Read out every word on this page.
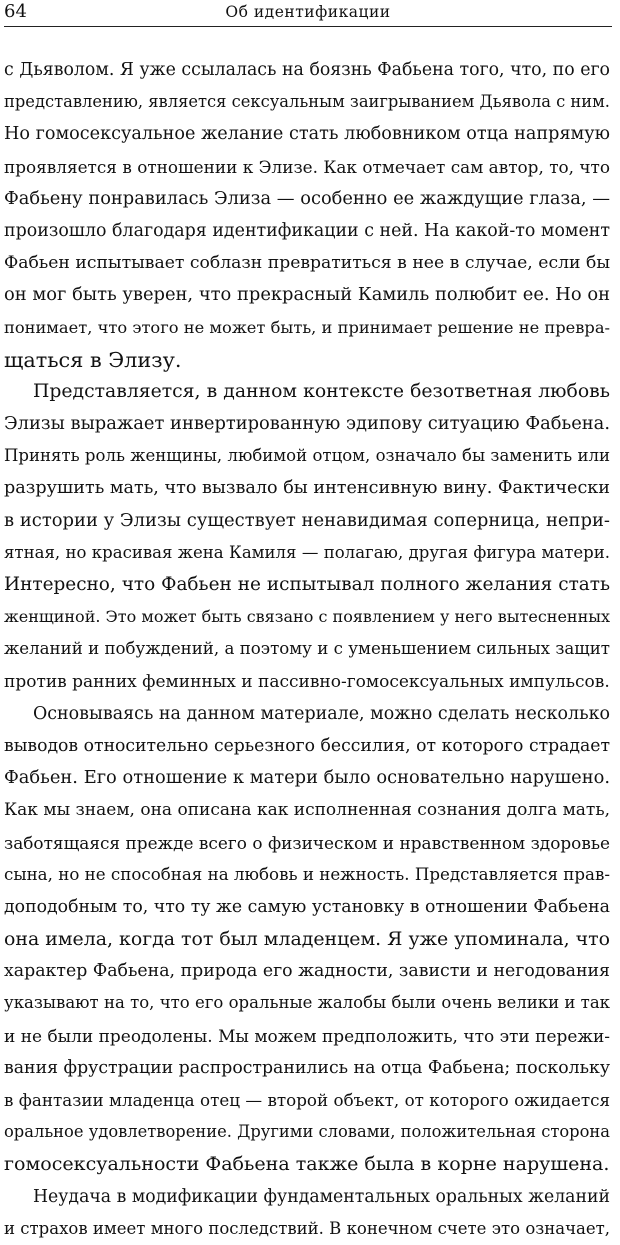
64	Об идентификации
с Дьяволом. Я уже ссылалась на боязнь Фабьена того, что, по его
представлению, является сексуальным заигрыванием Дьявола с ним.
Но гомосексуальное желание стать любовником отца напрямую
проявляется в отношении к Элизе. Как отмечает сам автор, то, что
Фабьену понравилась Элиза — особенно ее жаждущие глаза, —
произошло благодаря идентификации с ней. На какой-то момент
Фабьен испытывает соблазн превратиться в нее в случае, если бы
он мог быть уверен, что прекрасный Камиль полюбит ее. Но он
понимает, что этого не может быть, и принимает решение не превра-
щаться в Элизу.
Представляется, в данном контексте безответная любовь
Элизы выражает инвертированную эдипову ситуацию Фабьена.
Принять роль женщины, любимой отцом, означало бы заменить или
разрушить мать, что вызвало бы интенсивную вину. Фактически
в истории у Элизы существует ненавидимая соперница, непри-
ятная, но красивая жена Камиля — полагаю, другая фигура матери.
Интересно, что Фабьен не испытывал полного желания стать
женщиной. Это может быть связано с появлением у него вытесненных
желаний и побуждений, а поэтому и с уменьшением сильных защит
против ранних феминных и пассивно-гомосексуальных импульсов.
Основываясь на данном материале, можно сделать несколько
выводов относительно серьезного бессилия, от которого страдает
Фабьен. Его отношение к матери было основательно нарушено.
Как мы знаем, она описана как исполненная сознания долга мать,
заботящаяся прежде всего о физическом и нравственном здоровье
сына, но не способная на любовь и нежность. Представляется прав-
доподобным то, что ту же самую установку в отношении Фабьена
она имела, когда тот был младенцем. Я уже упоминала, что
характер Фабьена, природа его жадности, зависти и негодования
указывают на то, что его оральные жалобы были очень велики и так
и не были преодолены. Мы можем предположить, что эти пережи-
вания фрустрации распространились на отца Фабьена; поскольку
в фантазии младенца отец — второй объект, от которого ожидается
оральное удовлетворение. Другими словами, положительная сторона
гомосексуальности Фабьена также была в корне нарушена.
Неудача в модификации фундаментальных оральных желаний
и страхов имеет много последствий. В конечном счете это означает,
